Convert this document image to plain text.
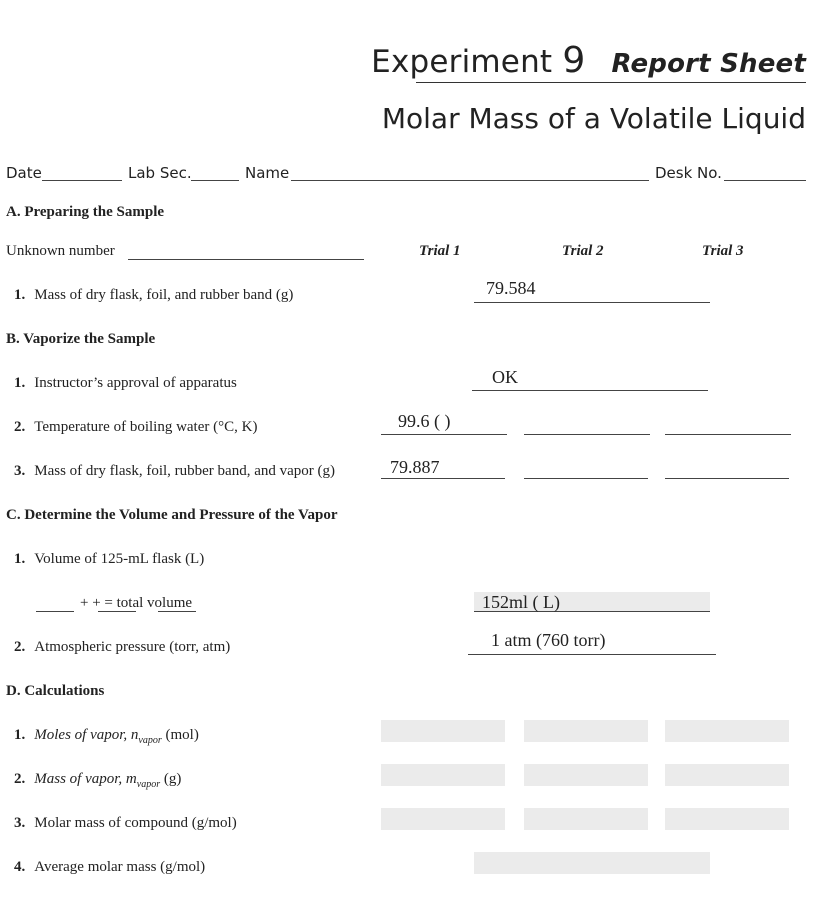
Experiment 9 Report Sheet
Molar Mass of a Volatile Liquid
Date	Lab Sec.	Name	Desk No.
A. Preparing the Sample
Unknown number	Trial 1	Trial 2	Trial 3
1. Mass of dry flask, foil, and rubber band (g)	79.584
B. Vaporize the Sample
1. Instructor’s approval of apparatus	OK
2. Temperature of boiling water (°C, K)	99.6 ( )
3. Mass of dry flask, foil, rubber band, and vapor (g)	79.887
C. Determine the Volume and Pressure of the Vapor
1. Volume of 125-mL flask (L)
+ + = total volume	152ml ( L)
2. Atmospheric pressure (torr, atm)	1 atm (760 torr)
D. Calculations
1. Moles of vapor, $n_{vapor}$ (mol)
2. Mass of vapor, $m_{vapor}$ (g)
3. Molar mass of compound (g/mol)
4. Average molar mass (g/mol)
